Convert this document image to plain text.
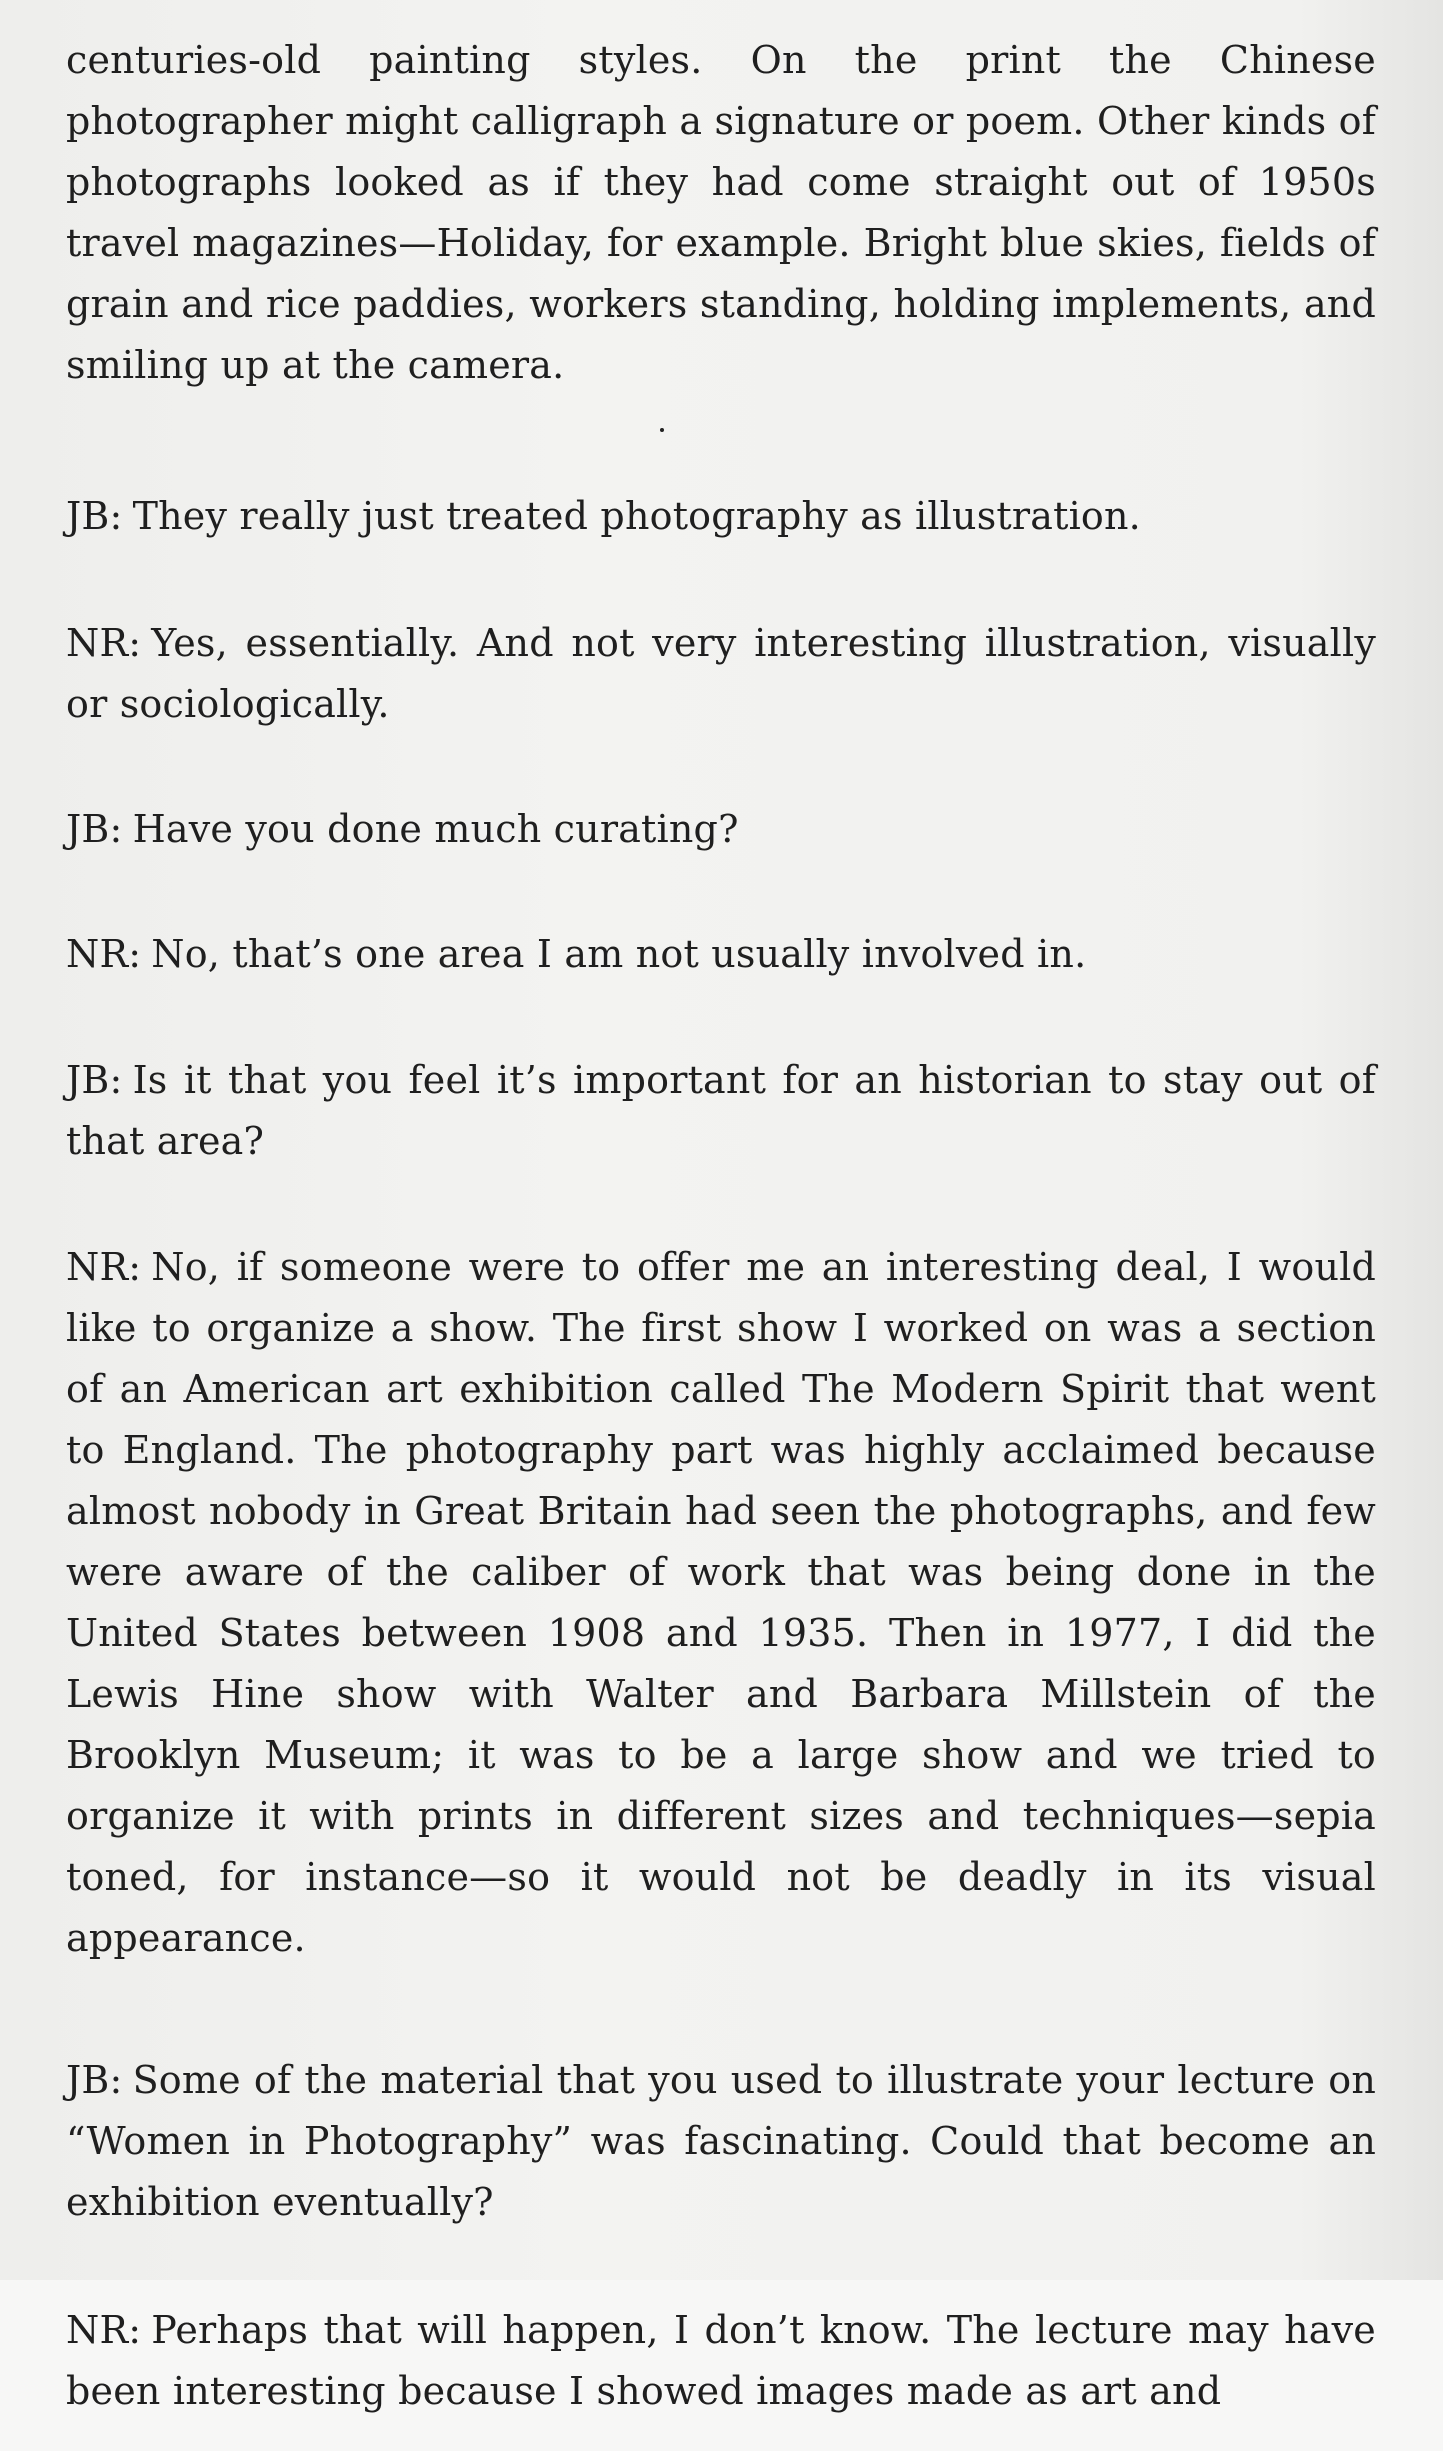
centuries-old painting styles. On the print the Chinese photographer might calligraph a signature or poem. Other kinds of photographs looked as if they had come straight out of 1950s travel magazines—Holiday, for example. Bright blue skies, fields of grain and rice paddies, workers standing, holding implements, and smiling up at the camera.

JB: They really just treated photography as illustration.

NR: Yes, essentially. And not very interesting illustration, visually or sociologically.

JB: Have you done much curating?

NR: No, that’s one area I am not usually involved in.

JB: Is it that you feel it’s important for an historian to stay out of that area?

NR: No, if someone were to offer me an interesting deal, I would like to organize a show. The first show I worked on was a section of an American art exhibition called The Modern Spirit that went to England. The photography part was highly acclaimed because almost nobody in Great Britain had seen the photographs, and few were aware of the caliber of work that was being done in the United States between 1908 and 1935. Then in 1977, I did the Lewis Hine show with Walter and Barbara Millstein of the Brooklyn Museum; it was to be a large show and we tried to organize it with prints in different sizes and techniques—sepia toned, for instance—so it would not be deadly in its visual appearance.

JB: Some of the material that you used to illustrate your lecture on “Women in Photography” was fascinating. Could that become an exhibition eventually?

NR: Perhaps that will happen, I don’t know. The lecture may have been interesting because I showed images made as art and
